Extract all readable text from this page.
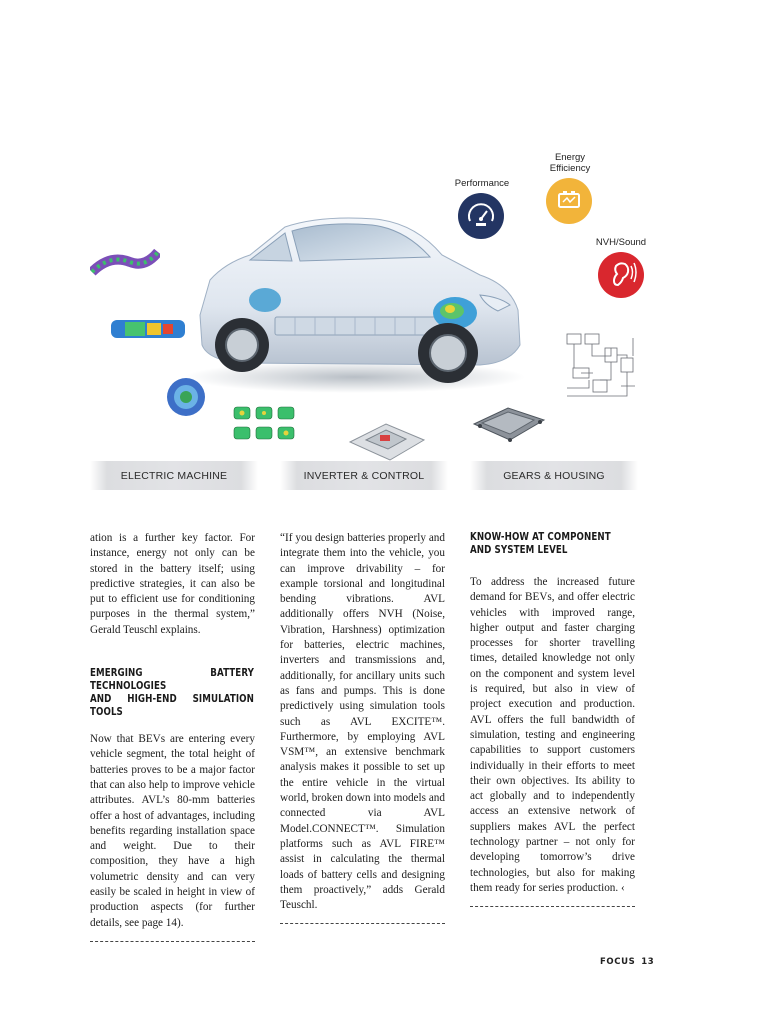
Energy
Efficiency
Performance
NVH/Sound
ELECTRIC MACHINE	INVERTER & CONTROL	GEARS & HOUSING

ation is a further key factor. For instance, energy not only can be stored in the battery itself; using predictive strategies, it can also be put to efficient use for conditioning purposes in the thermal system,” Gerald Teuschl explains.

EMERGING BATTERY TECHNOLOGIES
AND HIGH-END SIMULATION TOOLS

Now that BEVs are entering every vehicle segment, the total height of batteries proves to be a major factor that can also help to improve vehicle attributes. AVL’s 80-mm batteries offer a host of advantages, including benefits regarding installation space and weight. Due to their composition, they have a high volumetric density and can very easily be scaled in height in view of production aspects (for further details, see page 14).

“If you design batteries properly and integrate them into the vehicle, you can improve drivability – for example torsional and longitudinal bending vibrations. AVL additionally offers NVH (Noise, Vibration, Harshness) optimization for batteries, electric machines, inverters and transmissions and, additionally, for ancillary units such as fans and pumps. This is done predictively using simulation tools such as AVL EXCITE™. Furthermore, by employing AVL VSM™, an extensive benchmark analysis makes it possible to set up the entire vehicle in the virtual world, broken down into models and connected via AVL Model.CONNECT™. Simulation platforms such as AVL FIRE™ assist in calculating the thermal loads of battery cells and designing them proactively,” adds Gerald Teuschl.

KNOW-HOW AT COMPONENT
AND SYSTEM LEVEL

To address the increased future demand for BEVs, and offer electric vehicles with improved range, higher output and faster charging processes for shorter travelling times, detailed knowledge not only on the component and system level is required, but also in view of project execution and production. AVL offers the full bandwidth of simulation, testing and engineering capabilities to support customers individually in their efforts to meet their own objectives. Its ability to act globally and to independently access an extensive network of suppliers makes AVL the perfect technology partner – not only for developing tomorrow’s drive technologies, but also for making them ready for series production. ‹

FOCUS 13
